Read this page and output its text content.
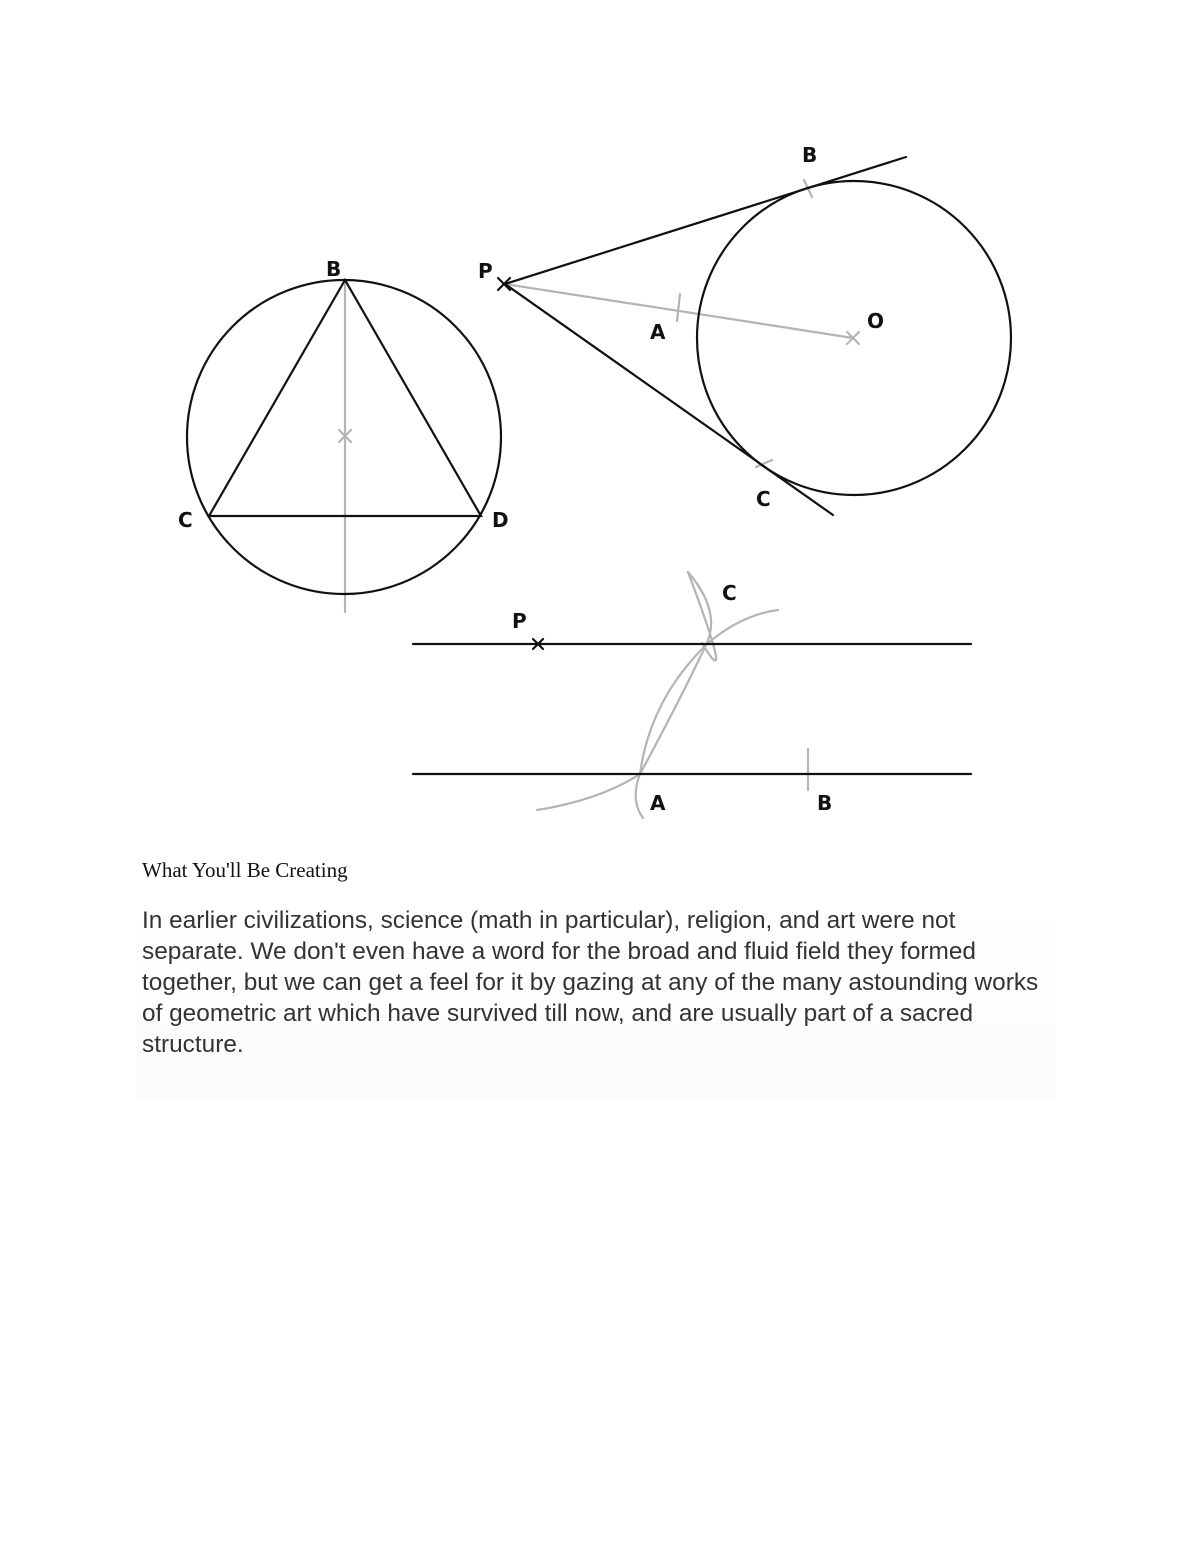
B
C	D
B
P
A	O
C
P
C
A	B

What You'll Be Creating

In earlier civilizations, science (math in particular), religion, and art were not separate. We don't even have a word for the broad and fluid field they formed together, but we can get a feel for it by gazing at any of the many astounding works of geometric art which have survived till now, and are usually part of a sacred structure.
